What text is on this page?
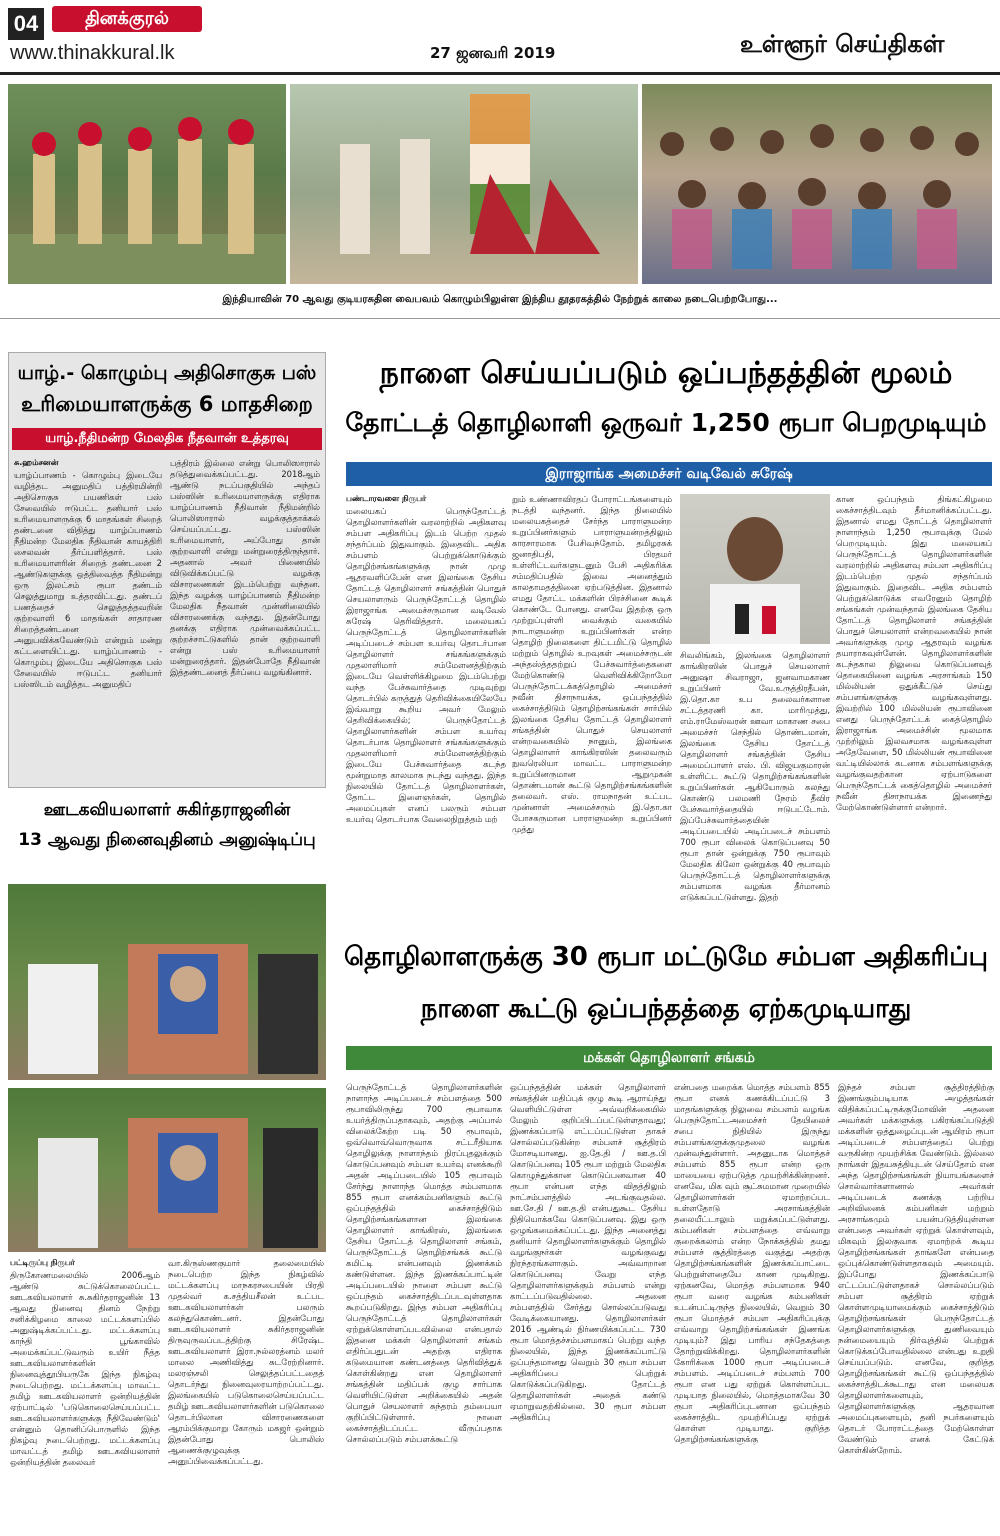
04	தினக்குரல்
www.thinakkural.lk	27 ஜனவரி 2019	உள்ளூர் செய்திகள்
இந்தியாவின் 70 ஆவது குடியரசுதின வைபவம் கொழும்பிலுள்ள இந்திய தூதரகத்தில் நேற்றுக் காலை நடைபெற்றபோது...
யாழ்.- கொழும்பு அதிசொகுசு பஸ்
உரிமையாளருக்கு 6 மாதசிறை
யாழ்.நீதிமன்ற மேலதிக நீதவான் உத்தரவு
சு.ஹம்சனன்
யாழ்ப்பாணம் - கொழும்பு இடையே வழித்தட அனுமதிப் பத்திரமின்றி அதிசொகுசு பயணிகள் பஸ் சேவையில் ஈடுபட்ட தனியார் பஸ் உரிமையாளருக்கு 6 மாதங்கள் சிறைத் தண்டனை விதித்து யாழ்ப்பாணம் நீதிமன்ற மேலதிக நீதிவான் காயத்திரி சைலவன் தீர்ப்பளித்தார். பஸ் உரிமையாளரின் சிறைத் தண்டனை 2 ஆண்டுகளுக்கு ஒத்திவைத்த நீதிமன்று ஒரு இலட்சம் ரூபா தண்டம் செலுத்துமாறு உத்தரவிட்டது. தண்டப் பணத்தைச் செலுத்தத்தவறின் குற்றவாளி 6 மாதங்கள் சாதாரண சிறைத்தண்டனை அனுபவிக்கவேண்டும் என்றும் மன்று கட்டளையிட்டது. யாழ்ப்பாணம் - கொழும்பு இடையே அதிசொகுசு பஸ் சேவையில் ஈடுபட்ட தனியார் பஸ்ஸிடம் வழித்தட அனுமதிப்
பத்திரம் இல்லை என்று பொலிஸாரால் தடுத்துவைக்கப்பட்டது. 2018ஆம் ஆண்டு நடப்பகுதியில் அந்தப் பஸ்ஸின் உரிமையாளருக்கு எதிராக யாழ்ப்பாணம் நீதிவான் நீதிமன்றில் பொலிஸாரால் வழக்குத்தாக்கல் செய்யப்பட்டது. பஸ்ஸின் உரிமையாளர், அப்போது தான் குற்றவாளி என்று மன்றுரைத்திருந்தார். அதனால் அவர் பிணையில் விடுவிக்கப்பட்டு வழக்கு விசாரணைகள் இடம்பெற்று வந்தன. இந்த வழக்கு யாழ்ப்பாணம் நீதிமன்ற மேலதிக நீதவான் முன்னிலையில் விசாரணைக்கு வந்தது. இதன்போது தனக்கு எதிராக முன்வைக்கப்பட்ட குற்றச்சாட்டுகளில் தான் குற்றவாளி என்று பஸ் உரிமையாளர் மன்றுரைத்தார். இதன்போதே நீதிவான் இத்தண்டனைத் தீர்ப்பை வழங்கினார்.
ஊடகவியலாளர் சுகிர்தராஜனின்
13 ஆவது நினைவுதினம் அனுஷ்டிப்பு
பட்டிருப்பு நிருபர்
திருகோணமலையில் 2006ஆம் ஆண்டு சுட்டுக்கொலைப்பட்ட ஊடகவியலாளர் சு.சுகிர்தராஜனின் 13 ஆவது நினைவு தினம் நேற்று சனிக்கிழமை காலை மட்டக்களப்பில் அனுஷ்டிக்கப்பட்டது. மட்டக்களப்பு காந்தி பூங்காவில் அமைக்கப்பட்டுவரும் உயிர் நீத்த ஊடகவியலாளர்களின் நினைவுத்தூபியருகே இந்த நிகழ்வு நடைபெற்றது. மட்டக்களப்பு மாவட்ட தமிழ் ஊடகவியலாளர் ஒன்றியத்தின் ஏற்பாட்டில் 'படுகொலைசெய்யப்பட்ட ஊடகவியலாளர்களுக்கு நீதிவேண்டும்' என்னும் தொனிப்பொருளில் இந்த நிகழ்வு நடைபெற்றது. மட்டக்களப்பு மாவட்டத் தமிழ் ஊடகவியலாளர் ஒன்றியத்தின் தலைவர்
வா.கிருஸ்ணகுமார் தலைமையில் நடைபெற்ற இந்த நிகழ்வில் மட்டக்களப்பு மாநகரசபையின் பிரதி முதல்வர் க.சத்தியசீலன் உட்பட ஊடகவியலாளர்கள் பலரும் கலந்துகொண்டனர். இதன்போது ஊடகவியலாளர் சுகிர்தராஜனின் திருவுருவப்படத்திற்கு சிரேஷ்ட ஊடகவியலாளர் இரா.நல்லரத்னம் மலர் மாலை அணிவித்து சுடரேற்றினார். மலரஞ்சலி செலுத்தப்பட்டதைத் தொடர்ந்து நினைவுரையாற்றப்பட்டது. இலங்கையில் படுகொலைசெய்யப்பட்ட தமிழ் ஊடகவியலாளர்களின் படுகொலை தொடர்பிலான விசாரணைகளை ஆரம்பிக்குமாறு கோரும் மகஜர் ஒன்றும் இதன்போது பொலிஸ் ஆணைக்குழுவுக்கு அனுப்பிவைக்கப்பட்டது.
நாளை செய்யப்படும் ஒப்பந்தத்தின் மூலம்
தோட்டத் தொழிலாளி ஒருவர் 1,250 ரூபா பெறமுடியும்
இராஜாங்க அமைச்சர் வடிவேல் சுரேஷ்
பண்டாரவளை நிருபர்
மலையகப் பெருந்தோட்டத் தொழிலாளர்களின் வரலாற்றில் அதிகளவு சம்பள அதிகரிப்பு இடம் பெற்ற முதல் சந்தர்ப்பம் இதுவாகும். இதைவிட அதிக சம்பளம் பெற்றுக்கொடுக்கும் தொழிற்சங்கங்களுக்கு நான் முழு ஆதரவளிப்பேன் என இலங்கை தேசிய தோட்டத் தொழிலாளர் சங்கத்தின் பொதுச் செயலாளரும் பெருந்தோட்டத் தொழில் இராஜாங்க அமைச்சருமான வடிவேல் சுரேஷ் தெரிவித்தார். மலையகப் பெருந்தோட்டத் தொழிலாளர்களின் அடிப்படைச் சம்பள உயர்வு தொடர்பான தொழிலாளர் சங்கங்களுக்கும் முதலாளிமார் சம்மேளனத்திற்கும் இடையே வெள்ளிக்கிழமை இடம்பெற்று வந்த பேச்சுவார்த்தை முடிவுற்று தொடர்பில் கருத்துத் தெரிவிக்கையிலேயே இவ்வாறு கூறிய அவர் மேலும் தெரிவிக்கையில்; பெருந்தோட்டத் தொழிலாளர்களின் சம்பள உயர்வு தொடர்பாக தொழிலாளர் சங்கங்களுக்கும் முதலாளிமார் சம்மேளனத்திற்கும் இடையே பேச்சுவார்த்தை கடந்த மூன்றுமாத காலமாக நடந்து வந்தது. இந்த நிலையில் தோட்டத் தொழிலாளர்கள், தோட்ட இளைஞர்கள், தொழில் அமைப்புகள் எனப் பலரும் சம்பள உயர்வு தொடர்பாக வேலைநிறுத்தம் மற்
றும் உண்ணாவிரதப் போராட்டங்களையும் நடத்தி வந்தனர். இந்த நிலையில் மலையகத்தைச் சேர்ந்த பாராளுமன்ற உறுப்பினர்களும் பாராளுமன்றத்திலும் காரசாரமாக பேசிவந்தோம். தமிழரசுக் ஜனாதிபதி, பிரதமர் உள்ளிட்டவர்களுடனும் பேசி அதிகரிக்க சம்மதிப்பதில் இவை அனைத்தும் காலதாமதத்தினை ஏற்படுத்தின. இதனால் எமது தோட்ட மக்களின் பிரச்சினை கூடிக் கொண்டே போனது. எனவே இதற்கு ஒரு முற்றுப்புள்ளி வைக்கும் வகையில் நாடாளுமன்ற உறுப்பினர்கள் என்ற தொழிற் நிலைகளை திட்டமிட்டு தொழில் மற்றும் தொழில் உறவுகள் அமைச்சருடன் அந்தஸ்த்ததற்றுப் பேச்சுவார்த்தைகளை மேற்கொண்டு வெளிவிக்கிறோமோ பெருந்தோட்டக்கத்தொழில் அமைச்சர் நவீன் திசாநாயக்க, ஒப்பந்தத்தில் கைச்சாத்திடும் தொழிற்சங்கங்கள் சார்பில் இலங்கை தேசிய தோட்டத் தொழிலாளர் சங்கத்தின் பொதுச் செயலாளர் என்றவகையில் நானும், இலங்கை தொழிலாளர் காங்கிரஸின் தலைவரும் நுவரெலியா மாவட்ட பாராளுமன்ற உறுப்பினருமான ஆறுமுகன் தொண்டமான் கூட்டு தொழிற்சங்கங்களின் தலைவர். எஸ். ராமநாதன் உட்பட முன்னாள் அமைச்சரும் இ.தொ.கா போசகருமான பாராளுமன்ற உறுப்பினர் முத்து
சிவலிங்கம், இலங்கை தொழிலாளர் காங்கிரஸின் பொதுச் செயலாளர் அனுஷா சிவராஜா, ஜனவாமகாண உறுப்பினர் வே.உருத்திரதீபன், இ.தொ.கா உப தலைவர்களான சட்டத்தரணி கா. மாரிமுத்து, எம்.ராமேஸ்வரன் ஊவா மாகாண சபை அமைச்சர் செந்தில் தொண்டமான், இலங்கை தேசிய தோட்டத் தொழிலாளர் சங்கத்தின் தேசிய அமைப்பாளர் எஸ். பி. விஜயகுமாரன் உள்ளிட்ட கூட்டு தொழிற்சங்கங்களின் உறுப்பினர்கள் ஆகியோரும் கலந்து கொண்டு பலமணி நேரம் தீவிர பேச்சுவார்த்தையில் ஈடுபட்டோம். இப்பேச்சுவார்த்தையின் அடிப்படையில் அடிப்படைச் சம்பளம் 700 ரூபா விலைக் கொடுப்பனவு 50 ரூபா தான் ஒன்றுக்கு 750 ரூபாவும் மேலதிக கிலோ ஒன்றுக்கு 40 ரூபாவும் பெருந்தோட்டத் தொழிலாளர்களுக்கு சம்பளமாக வழங்க தீர்மானம் எடுக்கப்பட்டுள்ளது. இதற்
கான ஒப்பந்தம் திங்கட்கிழமை கைச்சாத்திடவும் தீர்மானிக்கப்பட்டது. இதனால் எமது தோட்டத் தொழிலாளர் நாளாந்தம் 1,250 ரூபாவுக்கு மேல் பெறமுடியும். இது மலையகப் பெருந்தோட்டத் தொழிலாளர்களின் வரலாற்றில் அதிகளவு சம்பள அதிகரிப்பு இடம்பெற்ற முதல் சந்தர்ப்பம் இதுவாகும். இதைவிட அதிக சம்பளம் பெற்றுக்கொடுக்க எவரேனும் தொழிற் சங்கங்கள் முன்வந்தால் இலங்கை தேசிய தோட்டத் தொழிலாளர் சங்கத்தின் பொதுச் செயலாளர் என்றவகையில் நான் அவர்களுக்கு முழு ஆதரவும் வழங்க தயாராகவுள்ளேன். தொழிலாளர்களின் கடந்தகால நிலுவை கொடுப்பனவுத் தொகையினை வழங்க அரசாங்கம் 150 மில்லியன் ஒதுக்கீட்டுச் செய்து சம்பளங்களுக்கு வழங்கவுள்ளது. இவற்றில் 100 மில்லியன் ரூபாவினை எனது பெருந்தோட்டக் கைத்தொழில் இராஜாங்க அமைச்சின் மூலமாக முற்றிலும் இலவசமாக வழங்கவுள்ள அதேவேளை, 50 மில்லியன் ரூபாவினை வட்டியில்லாக் கடனாக சம்பளங்களுக்கு வழங்குவதற்கான ஏற்பாடுகளை பெருந்தோட்டக் கைத்தொழில் அமைச்சர் நவீன் திசாநாயக்க இணைந்து மேற்கொண்டுள்ளார் என்றார்.
தொழிலாளருக்கு 30 ரூபா மட்டுமே சம்பள அதிகரிப்பு
நாளை கூட்டு ஒப்பந்தத்தை ஏற்கமுடியாது
மக்கள் தொழிலாளர் சங்கம்
பெருந்தோட்டத் தொழிலாளர்களின் நாளாந்த அடிப்படைச் சம்பளத்தை 500 ரூபாவிலிருந்து 700 ரூபாவாக உயர்த்திருப்பதாகவும், அதற்கு அப்பால் விலைக்கேற்ற படி 50 ரூபாவும், ஒவ்வொவ்வொருவாக சட்டரீதியாக தொழிலுக்கு நாளாந்தம் நிரப்புதலுக்கும் கொடுப்பனவும் சம்பள உயர்வு எனக்கூறி அதன் அடிப்படையில் 105 ரூபாவும் சேர்ந்து நாளாந்த மொத்த சம்பளமாக 855 ரூபா எனக்கம்பனிகளும் கூட்டு ஒப்பந்தத்தில் கைச்சாத்திடும் தொழிற்சங்கங்களான இலங்கை தொழிலாளர் காங்கிரஸ், இலங்கை தேசிய தோட்டத் தொழிலாளர் சங்கம், பெருந்தோட்டத் தொழிற்சங்கக் கூட்டு கமிட்டி என்பனவும் இணக்கம் கண்டுள்ளன. இந்த இணக்கப்பாட்டின் அடிப்படையில் நாளை சம்பள கூட்டு ஒப்பந்தம் கைச்சாத்திடப்படவுள்ளதாக கூறப்படுகிறது. இந்த சம்பள அதிகரிப்பு பெருந்தோட்டத் தொழிலாளர்கள் ஏற்றுக்கொள்ளப்படவில்லை என்பதால் இதனை மக்கள் தொழிலாளர் சங்கம் எதிர்ப்பதுடன் அதற்கு எதிராக கடுமையான கண்டனத்தை தெரிவித்துக் கொள்கின்றது என தொழிலாளர் சங்கத்தின் மதிப்பக் குழு சார்பாக வெளியிட்டுள்ள அறிக்கையில் அதன் பொதுச் செயலாளர் சுந்தரம் தம்பையா குறிப்பிட்டுள்ளார். நாளை கைச்சாத்திடப்பட்ட வீருப்பதாக சொல்லப்படும் சம்பளக்கூட்டு
ஒப்பந்தத்தின் மக்கள் தொழிலாளர் சங்கத்தின் மதிப்புக் குழு கூடி ஆராய்ந்து வெளியிட்டுள்ள அவ்வறிக்கையில் மேலும் குறிப்பிடப்பட்டுள்ளதாவது; இணக்கப்பாடு எட்டப்பட்டுள்ள தாகச் சொல்லப்படுகின்ற சம்பளச் சூத்திரம் மோசடியானது. ஐ.தே.தி / ஊ.த.பி கொடுப்பனவு 105 ரூபா மற்றும் மேலதிக கொழுந்துக்கான கொடுப்பனவான 40 ரூபா என்பன எந்த விதத்திலும் நாட்சம்பளத்தில் அடங்குவதல்ல. ஊ.சே.தி / ஊ.த.தி என்பதுகூட தேசிய நிதியொக்கவே கொடுப்பனவு. இது ஒரு ஒழுங்கமைக்கப்பட்டது. இந்த அனைத்து தனியார் தொழிலாளர்களுக்கும் தொழில் வழங்குநர்கள் வழங்குவது நிரந்தரங்களாகும். அவ்வாறான கொடுப்பனவு வேறு எந்த தொழிலாளர்களுக்கும் சம்பளம் என்று காட்டப்படுவதில்லை. அதனை சம்பளத்தில் சேர்த்து சொல்லப்படுவது வேடிக்கையானது. தொழிலாளர்கள் 2016 ஆண்டில் நிர்ணயிக்கப்பட்ட 730 ரூபா மொத்தச்சம்பளமாகப் பெற்று வந்த நிலையில், இந்த இணக்கப்பாட்டு ஒப்பந்தமானது வெறும் 30 ரூபா சம்பள அதிகரிப்பை பெற்றுக் கொடுக்கப்படுகிறது. தோட்டத் தொழிலாளர்கள் அதைக் கண்டு ஏமாறுவதற்கில்லை. 30 ரூபா சம்பள அதிகரிப்பு
என்பதை மறைக்க மொத்த சம்பளம் 855 ரூபா எனக் கணக்கிடப்பட்டு 3 மாதங்களுக்கு நிலுவை சம்பளம் வழங்க பெருந்தோட்டஅமைச்சர் தேயிலைச் சபை நிதியில் இருந்து சம்பளங்களுக்குமுதலை வழங்க முன்வந்துள்ளார். அதனுடாக மொத்தச் சம்பளம் 855 ரூபா என்ற ஒரு மாயையை ஏற்படுத்த முயற்சிக்கின்றனர். எனவே, மிக வும் சூட்சுமமான முறையில் தொழிலாளர்கள் ஏமாற்றப்பட உள்ளதோடு அரசாங்கத்தின் தலையீட்டாலும் மறுக்கப்பட்டுள்ளது. கம்பனிகள் சம்பளத்தை எவ்வாறு குறைக்கலாம் என்ற நோக்கத்தில் தமது சம்பளச் சூத்திரத்தை வகுத்து அதற்கு தொழிற்சங்கங்களின் இணக்கப்பாட்டை பெற்றுள்ளதையே காண முடிகிறது. ஏற்கனவே, மொத்த சம்பளமாக 940 ரூபா வரை வழங்க கம்பனிகள் உடன்பட்டிருந்த நிலையில், வெறும் 30 ரூபா மொத்தச் சம்பள அதிகரிப்புக்கு எவ்வாறு தொழிற்சங்கங்கள் இணங்க முடியும்? இது பாரிய சந்தேகத்தை தோற்றுவிக்கிறது. தொழிலாளர்களின் கோரிக்கை 1000 ரூபா அடிப்படைச் சம்பளம். அடிப்படைச் சம்பளம் 700 ரூபா என பது ஏற்றுக் கொள்ளப்பட முடியாத நிலையில், மொத்தமாகவே 30 ரூபா அதிகரிப்புடனான ஒப்பந்தம் கைச்சாத்திட முயற்சிப்பது ஏற்றுக் கொள்ள முடியாது. குறித்த தொழிற்சங்கங்களுக்கு
இந்தச் சம்பள சூத்திரத்திற்கு இணங்கும்படியாக அழுத்தங்கள் விதிக்கப்பட்டிருக்குமோவின் அதனை அவர்கள் மக்களுக்கு பகிரங்கப்படுத்தி மக்களின் ஒத்துழைப்புடன் ஆயிரம் ரூபா அடிப்படைச் சம்பளத்தைப் பெற்று வருகின்ற முயற்சிக்க வேண்டும். இல்லை நாங்கள் இதயசுத்தியுடன் செய்தோம் என அந்த தொழிற்சங்கங்கள் நியாயங்களைச் சொல்வார்களானால் அவர்கள் அடிப்படைக் கணக்கு பற்றிய அறிவினைக் கம்பனிகள் மற்றும் அரசாங்கமும் பயன்படுத்தியுள்ளன என்பதை அவர்கள் ஏற்றுக் கொள்ளவும், மிகவும் இலகுவாக ஏமாற்றக் கூடிய தொழிற்சங்கங்கள் தாங்களே என்பதை ஒப்புக்கொண்டுள்ளதாகவும் அமையும். இப்போது இணக்கப்பாடு எட்டப்பட்டுள்ளதாகச் சொல்லப்படும் சம்பள சூத்திரம் ஏற்றுக் கொள்ளமுடியாமைக்கும் கைச்சாத்திடும் தொழிற்சங்கங்கள் பெருந்தோட்டத் தொழிலாளர்களுக்கு துணிவையும் நன்மையையும் திர்வுத்தில் பெற்றுக் கொடுக்கப்போவதில்லை என்பது உறுதி செய்யப்படும். எனவே, குறித்த தொழிற்சங்கங்கள் கூட்டு ஒப்பந்தத்தில் கைச்சாத்திடக்கூடாது என மலையக தொழிலாளர்களையும், தொழிலாளர்களுக்கு ஆதரவான அமைப்புகளையும், தனி நபர்களையும் தொடர் போராட்டத்தை மேற்கொள்ள வேண்டும் எனக் கேட்டுக் கொள்கின்றோம்.
